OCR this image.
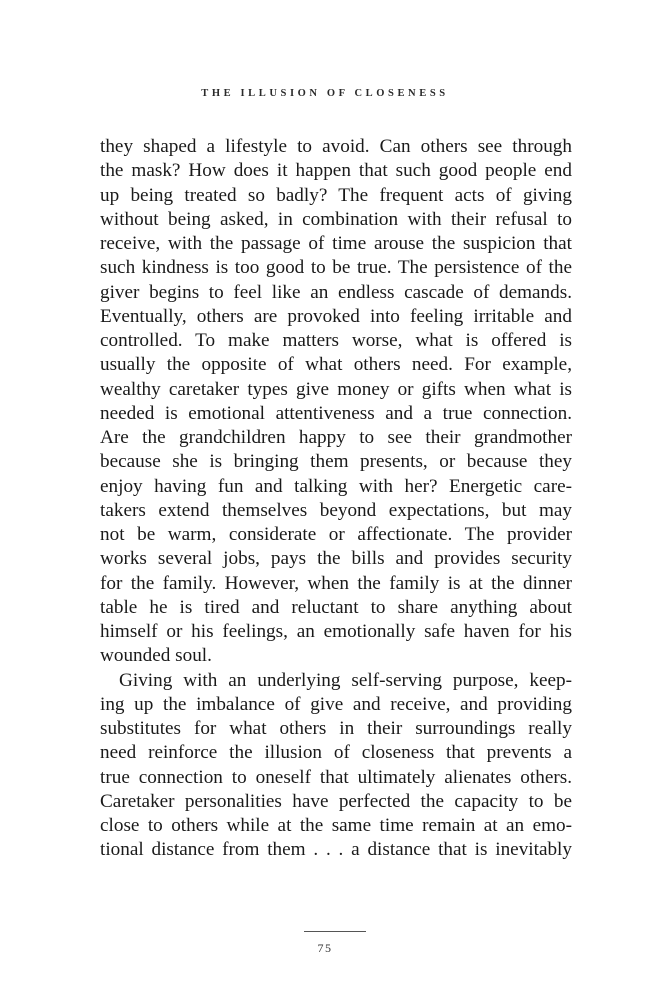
THE ILLUSION OF CLOSENESS
they shaped a lifestyle to avoid. Can others see through
the mask? How does it happen that such good people end
up being treated so badly? The frequent acts of giving
without being asked, in combination with their refusal to
receive, with the passage of time arouse the suspicion that
such kindness is too good to be true. The persistence of the
giver begins to feel like an endless cascade of demands.
Eventually, others are provoked into feeling irritable and
controlled. To make matters worse, what is offered is
usually the opposite of what others need. For example,
wealthy caretaker types give money or gifts when what is
needed is emotional attentiveness and a true connection.
Are the grandchildren happy to see their grandmother
because she is bringing them presents, or because they
enjoy having fun and talking with her? Energetic care-
takers extend themselves beyond expectations, but may
not be warm, considerate or affectionate. The provider
works several jobs, pays the bills and provides security
for the family. However, when the family is at the dinner
table he is tired and reluctant to share anything about
himself or his feelings, an emotionally safe haven for his
wounded soul.
Giving with an underlying self-serving purpose, keep-
ing up the imbalance of give and receive, and providing
substitutes for what others in their surroundings really
need reinforce the illusion of closeness that prevents a
true connection to oneself that ultimately alienates others.
Caretaker personalities have perfected the capacity to be
close to others while at the same time remain at an emo-
tional distance from them . . . a distance that is inevitably
75
